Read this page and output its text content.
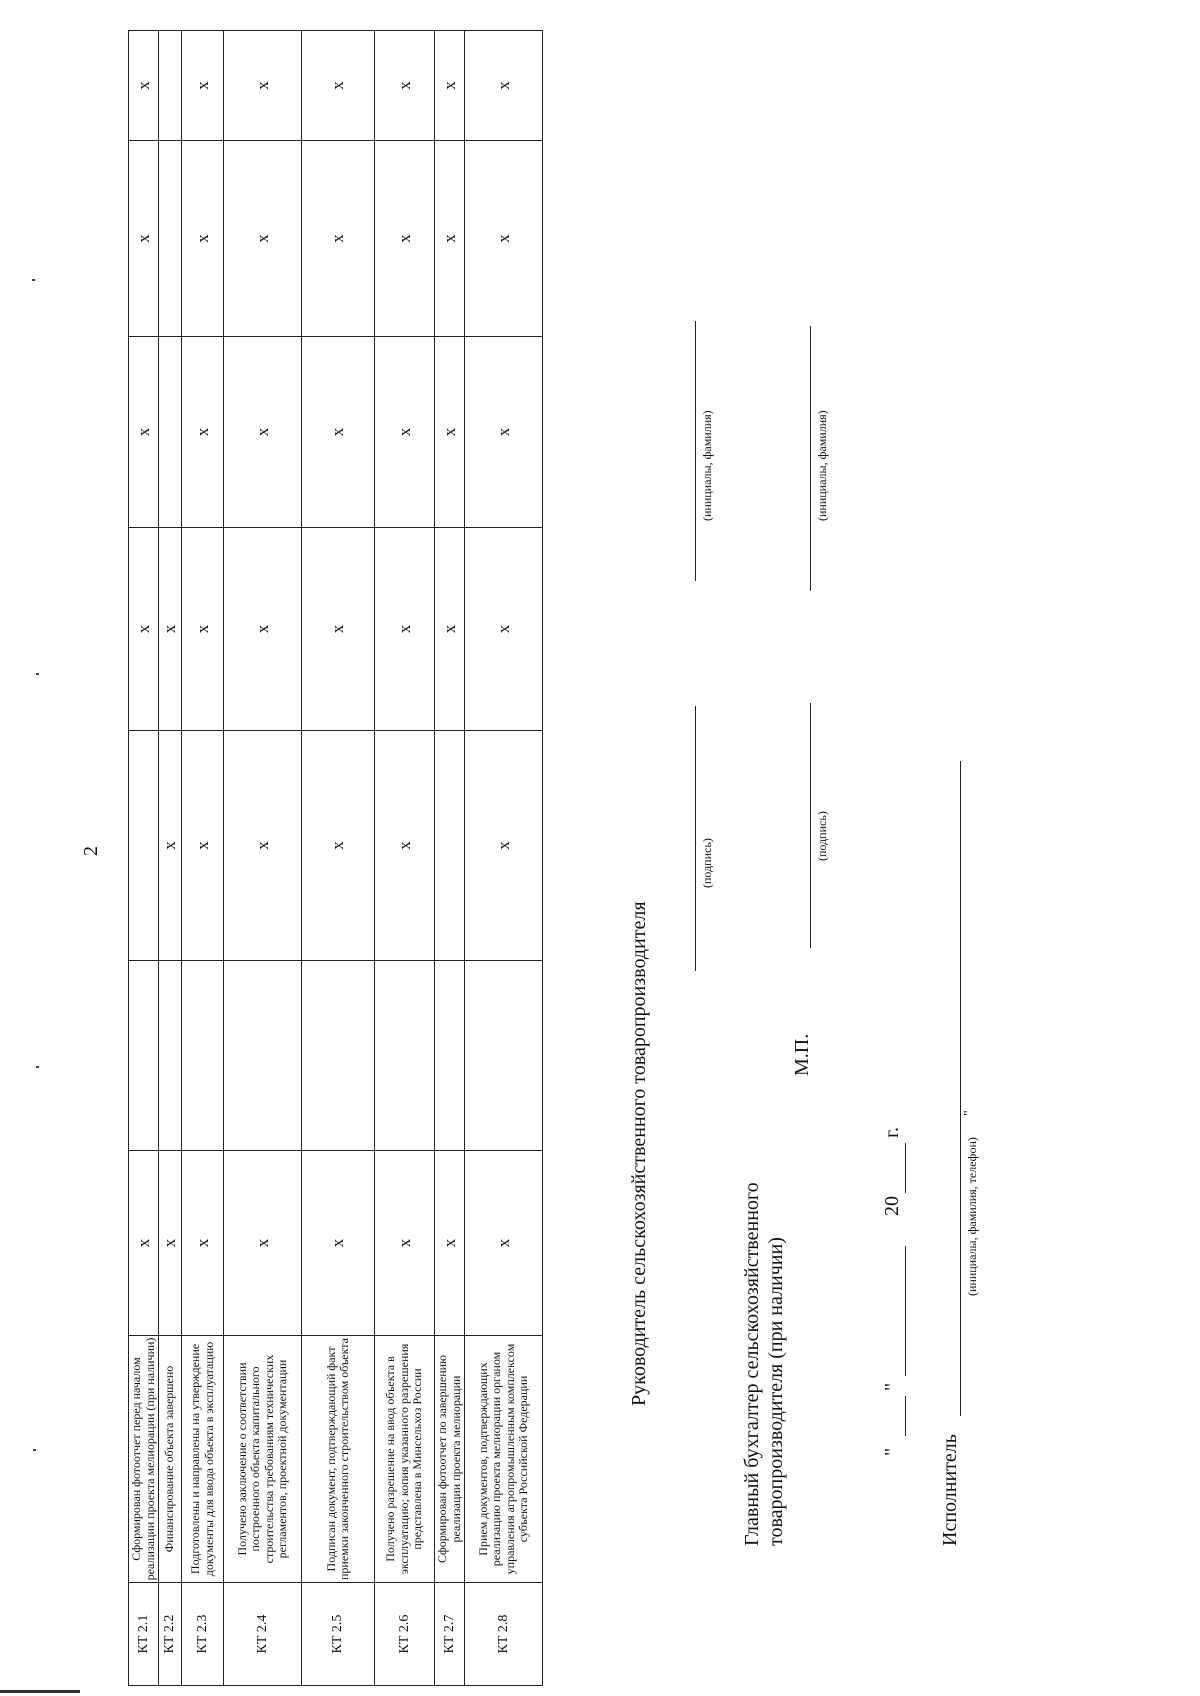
2
КТ 2.1	Сформирован фотоотчет перед началом реализации проекта мелиорации (при наличии)	х			х	х	х	х
КТ 2.2	Финансирование объекта завершено	х		х	х			
КТ 2.3	Подготовлены и направлены на утверждение документы для ввода объекта в эксплуатацию	х		х	х	х	х	х
КТ 2.4	Получено заключение о соответствии построенного объекта капитального строительства требованиям технических регламентов, проектной документации	х		х	х	х	х	х
КТ 2.5	Подписан документ, подтверждающий факт приемки законченного строительством объекта	х		х	х	х	х	х
КТ 2.6	Получено разрешение на ввод объекта в эксплуатацию; копия указанного разрешения представлена в Минсельхоз России	х		х	х	х	х	х
КТ 2.7	Сформирован фотоотчет по завершению реализации проекта мелиорации	х			х	х	х	х
КТ 2.8	Прием документов, подтверждающих реализацию проекта мелиорации органом управления агропромышленным комплексом субъекта Российской Федерации	х		х	х	х	х	х
Руководитель сельскохозяйственного товаропроизводителя
(подпись)
(инициалы, фамилия)
Главный бухгалтер сельскохозяйственного товаропроизводителя (при наличии)
М.П.
(подпись)
(инициалы, фамилия)
"
"
20
г.
Исполнитель
(инициалы, фамилия, телефон)
"
